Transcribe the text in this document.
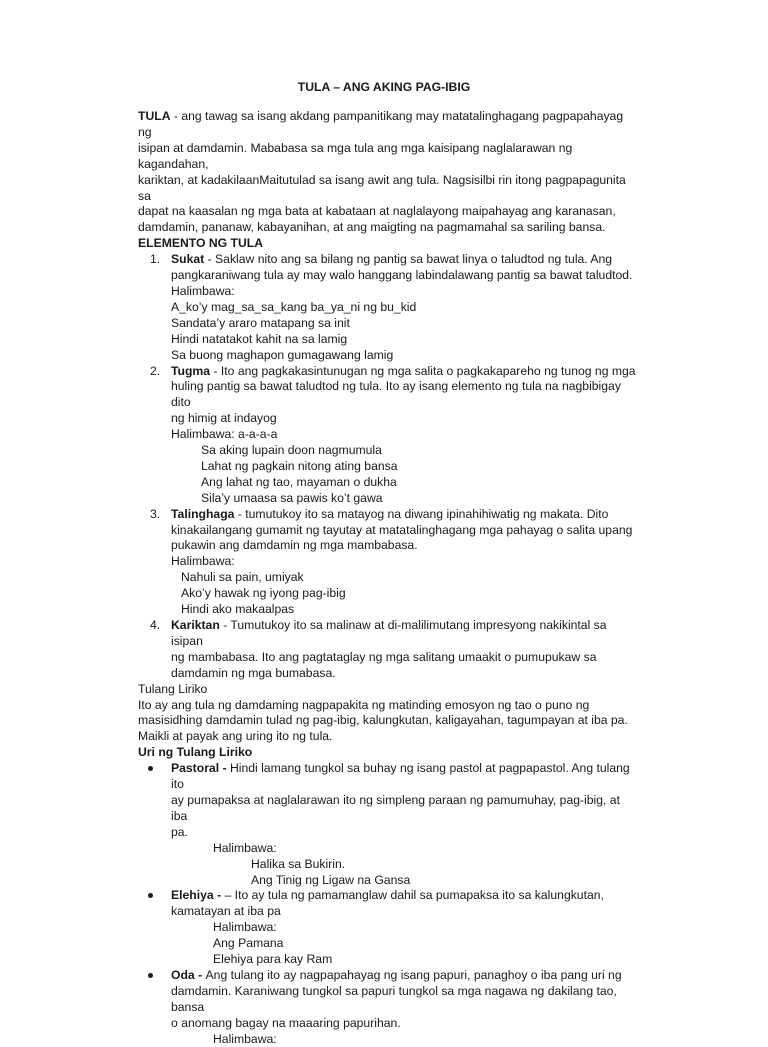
TULA – ANG AKING PAG-IBIG

TULA - ang tawag sa isang akdang pampanitikang may matatalinghagang pagpapahayag ng

isipan at damdamin. Mababasa sa mga tula ang mga kaisipang naglalarawan ng kagandahan,

kariktan, at kadakilaanMaitutulad sa isang awit ang tula. Nagsisilbi rin itong pagpapagunita sa

dapat na kaasalan ng mga bata at kabataan at naglalayong maipahayag ang karanasan,

damdamin, pananaw, kabayanihan, at ang maigting na pagmamahal sa sariling bansa.

ELEMENTO NG TULA

1. Sukat - Saklaw nito ang sa bilang ng pantig sa bawat linya o taludtod ng tula. Ang

pangkaraniwang tula ay may walo hanggang labindalawang pantig sa bawat taludtod.

Halimbawa:

A_ko’y mag_sa_sa_kang ba_ya_ni ng bu_kid

Sandata’y araro matapang sa init

Hindi natatakot kahit na sa lamig

Sa buong maghapon gumagawang lamig

2. Tugma - Ito ang pagkakasintunugan ng mga salita o pagkakapareho ng tunog ng mga

huling pantig sa bawat taludtod ng tula. Ito ay isang elemento ng tula na nagbibigay dito

ng himig at indayog

Halimbawa: a-a-a-a

Sa aking lupain doon nagmumula

Lahat ng pagkain nitong ating bansa

Ang lahat ng tao, mayaman o dukha

Sila’y umaasa sa pawis ko’t gawa

3. Talinghaga - tumutukoy ito sa matayog na diwang ipinahihiwatig ng makata. Dito

kinakailangang gumamit ng tayutay at matatalinghagang mga pahayag o salita upang

pukawin ang damdamin ng mga mambabasa.

Halimbawa:

Nahuli sa pain, umiyak

Ako’y hawak ng iyong pag-ibig

Hindi ako makaalpas

4. Kariktan - Tumutukoy ito sa malinaw at di-malilimutang impresyong nakikintal sa isipan

ng mambabasa. Ito ang pagtataglay ng mga salitang umaakit o pumupukaw sa

damdamin ng mga bumabasa.

Tulang Liriko

Ito ay ang tula ng damdaming nagpapakita ng matinding emosyon ng tao o puno ng

masisidhing damdamin tulad ng pag-ibig, kalungkutan, kaligayahan, tagumpayan at iba pa.

Maikli at payak ang uring ito ng tula.

Uri ng Tulang Liriko

Pastoral - Hindi lamang tungkol sa buhay ng isang pastol at pagpapastol. Ang tulang ito

ay pumapaksa at naglalarawan ito ng simpleng paraan ng pamumuhay, pag-ibig, at iba

pa.

Halimbawa:

Halika sa Bukirin.

Ang Tinig ng Ligaw na Gansa

Elehiya - – Ito ay tula ng pamamanglaw dahil sa pumapaksa ito sa kalungkutan,

kamatayan at iba pa

Halimbawa:

Ang Pamana

Elehiya para kay Ram

Oda - Ang tulang ito ay nagpapahayag ng isang papuri, panaghoy o iba pang uri ng

damdamin. Karaniwang tungkol sa papuri tungkol sa mga nagawa ng dakilang tao, bansa

o anomang bagay na maaaring papurihan.

Halimbawa:
